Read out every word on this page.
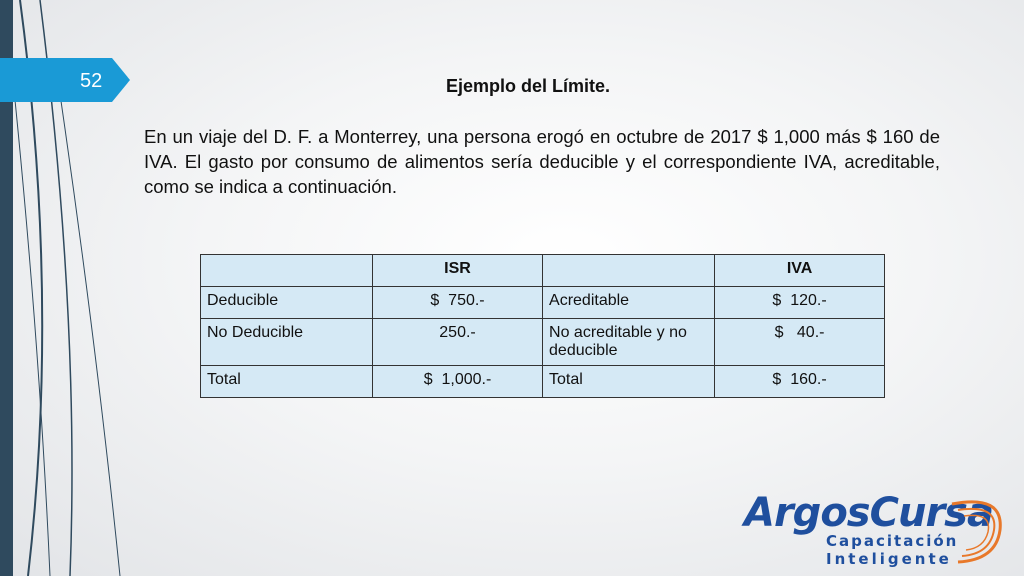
52	Ejemplo del Límite.
En un viaje del D. F. a Monterrey, una persona erogó en octubre de 2017 $ 1,000 más $ 160 de IVA. El gasto por consumo de alimentos sería deducible y el correspondiente IVA, acreditable, como se indica a continuación.
	ISR		IVA
Deducible	$  750.-	Acreditable	$  120.-
No Deducible	250.-	No acreditable y no deducible	$   40.-
Total	$  1,000.-	Total	$  160.-
ArgosCursa
Capacitación
Inteligente
